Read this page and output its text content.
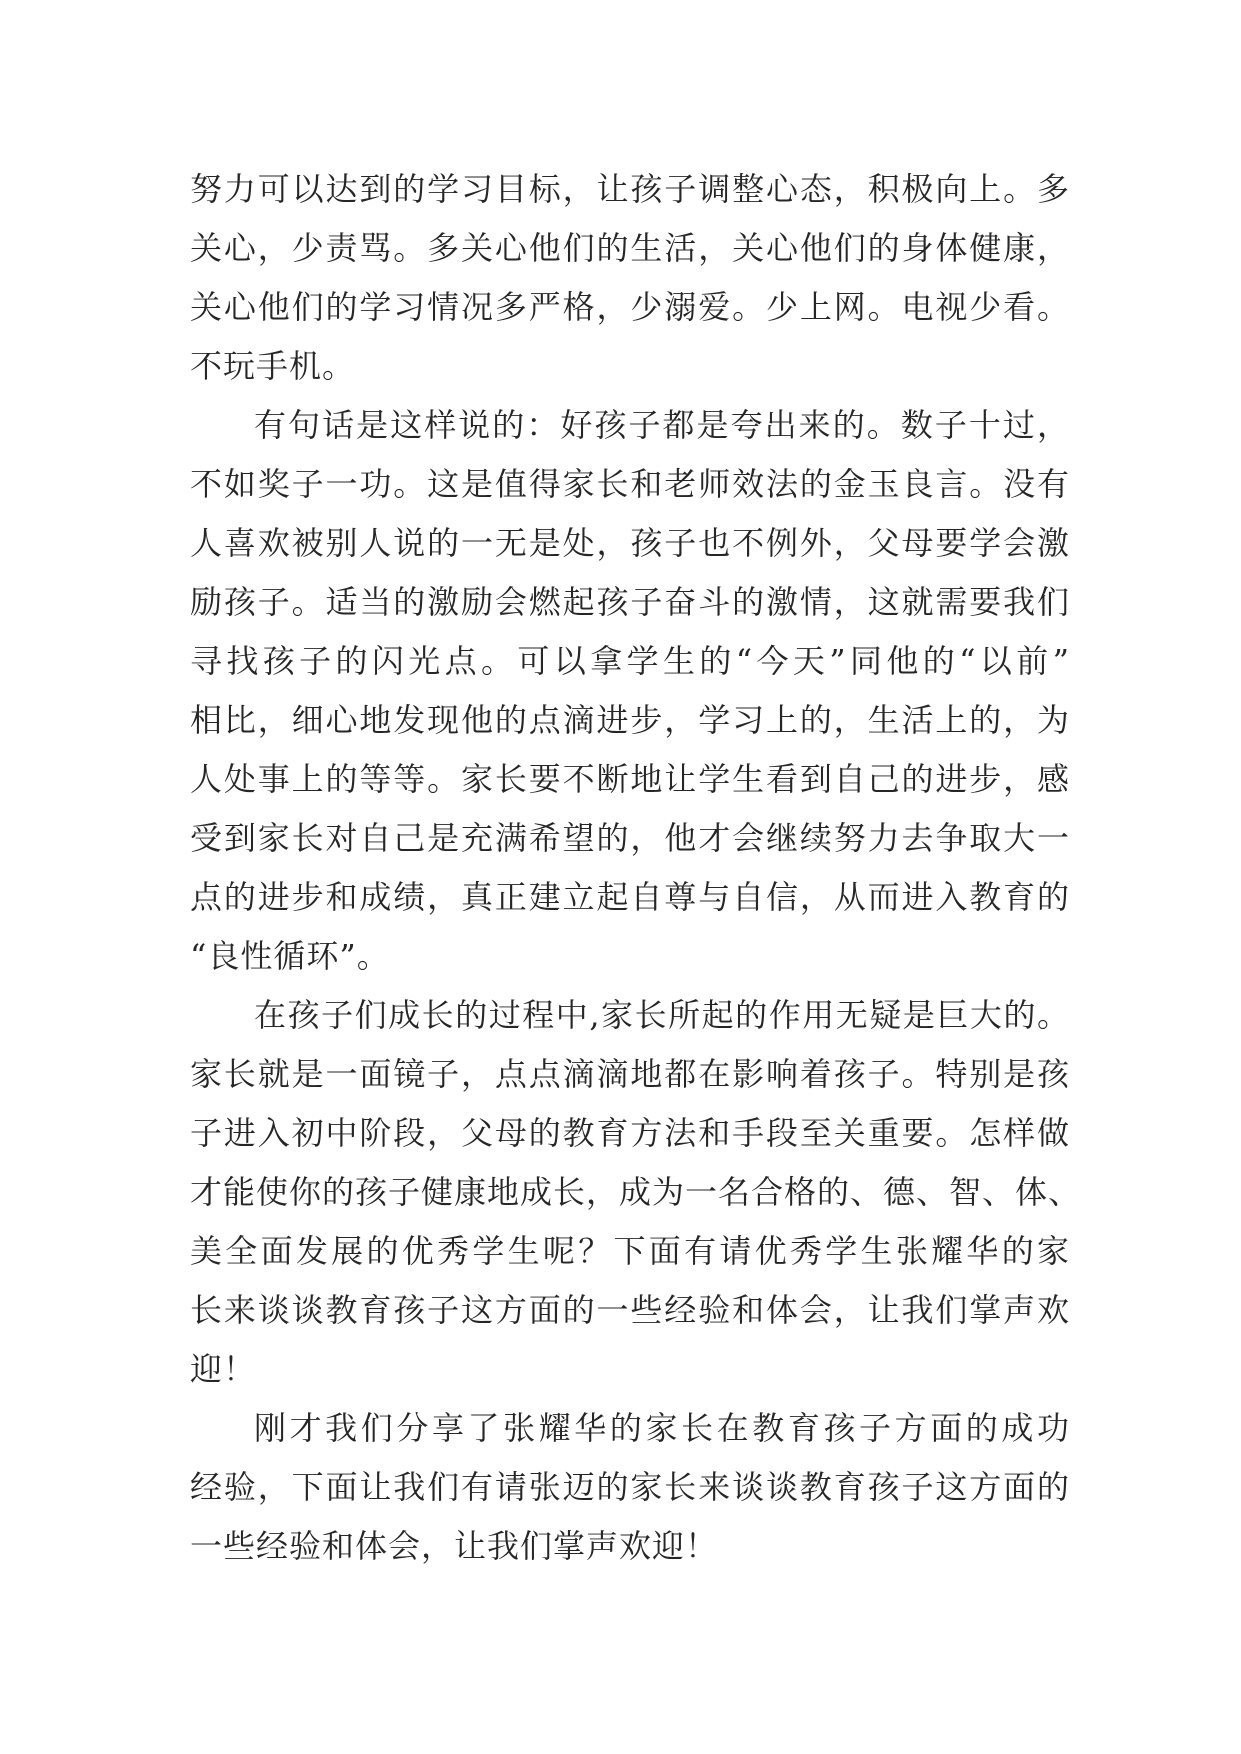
努力可以达到的学习目标，让孩子调整心态，积极向上。多
关心，少责骂。多关心他们的生活，关心他们的身体健康，
关心他们的学习情况多严格，少溺爱。少上网。电视少看。
不玩手机。
有句话是这样说的：好孩子都是夸出来的。数子十过，
不如奖子一功。这是值得家长和老师效法的金玉良言。没有
人喜欢被别人说的一无是处，孩子也不例外，父母要学会激
励孩子。适当的激励会燃起孩子奋斗的激情，这就需要我们
寻找孩子的闪光点。可以拿学生的“今天”同他的“以前”
相比，细心地发现他的点滴进步，学习上的，生活上的，为
人处事上的等等。家长要不断地让学生看到自己的进步，感
受到家长对自己是充满希望的，他才会继续努力去争取大一
点的进步和成绩，真正建立起自尊与自信，从而进入教育的
“良性循环”。
在孩子们成长的过程中,家长所起的作用无疑是巨大的。
家长就是一面镜子，点点滴滴地都在影响着孩子。特别是孩
子进入初中阶段，父母的教育方法和手段至关重要。怎样做
才能使你的孩子健康地成长，成为一名合格的、德、智、体、
美全面发展的优秀学生呢？下面有请优秀学生张耀华的家
长来谈谈教育孩子这方面的一些经验和体会，让我们掌声欢
迎！
刚才我们分享了张耀华的家长在教育孩子方面的成功
经验，下面让我们有请张迈的家长来谈谈教育孩子这方面的
一些经验和体会，让我们掌声欢迎！
